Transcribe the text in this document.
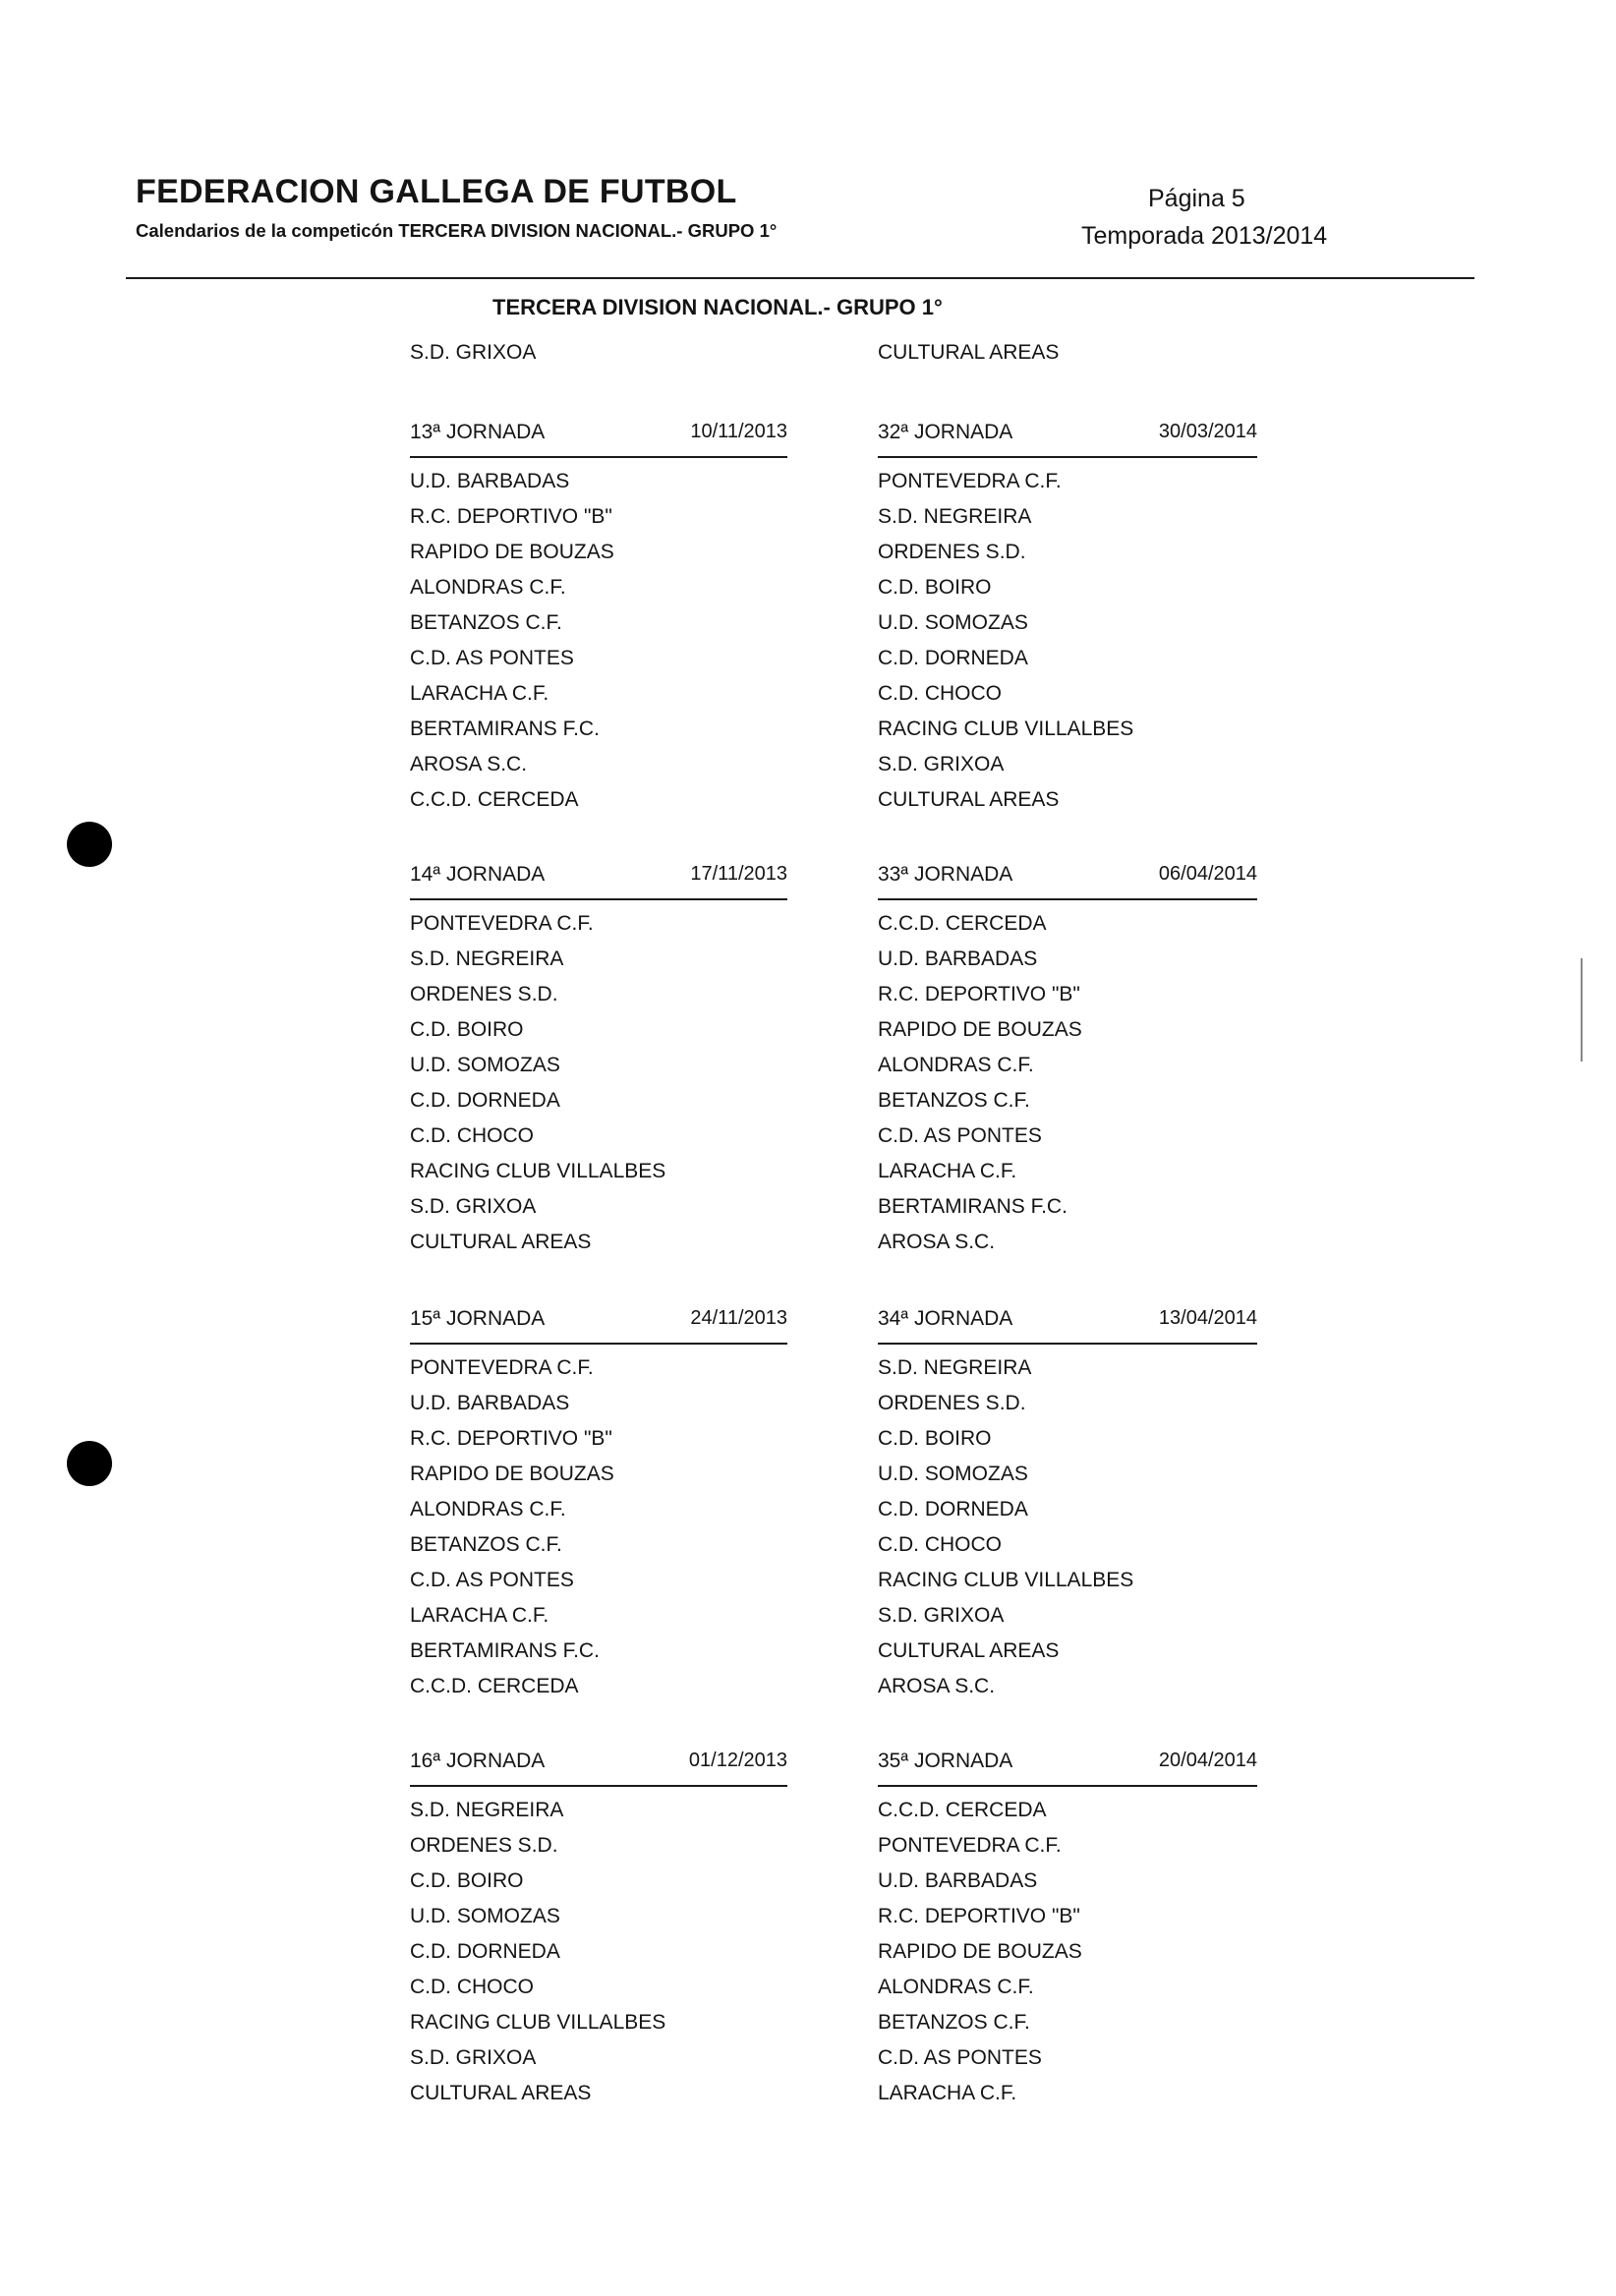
FEDERACION GALLEGA DE FUTBOL
Calendarios de la competicón TERCERA DIVISION NACIONAL.- GRUPO 1°
Página 5
Temporada 2013/2014
TERCERA DIVISION NACIONAL.- GRUPO 1°
S.D. GRIXOA	CULTURAL AREAS
13ª JORNADA	10/11/2013
U.D. BARBADAS
R.C. DEPORTIVO "B"
RAPIDO DE BOUZAS
ALONDRAS C.F.
BETANZOS C.F.
C.D. AS PONTES
LARACHA C.F.
BERTAMIRANS F.C.
AROSA S.C.
C.C.D. CERCEDA
14ª JORNADA	17/11/2013
PONTEVEDRA C.F.
S.D. NEGREIRA
ORDENES S.D.
C.D. BOIRO
U.D. SOMOZAS
C.D. DORNEDA
C.D. CHOCO
RACING CLUB VILLALBES
S.D. GRIXOA
CULTURAL AREAS
15ª JORNADA	24/11/2013
PONTEVEDRA C.F.
U.D. BARBADAS
R.C. DEPORTIVO "B"
RAPIDO DE BOUZAS
ALONDRAS C.F.
BETANZOS C.F.
C.D. AS PONTES
LARACHA C.F.
BERTAMIRANS F.C.
C.C.D. CERCEDA
16ª JORNADA	01/12/2013
S.D. NEGREIRA
ORDENES S.D.
C.D. BOIRO
U.D. SOMOZAS
C.D. DORNEDA
C.D. CHOCO
RACING CLUB VILLALBES
S.D. GRIXOA
CULTURAL AREAS
32ª JORNADA	30/03/2014
PONTEVEDRA C.F.
S.D. NEGREIRA
ORDENES S.D.
C.D. BOIRO
U.D. SOMOZAS
C.D. DORNEDA
C.D. CHOCO
RACING CLUB VILLALBES
S.D. GRIXOA
CULTURAL AREAS
33ª JORNADA	06/04/2014
C.C.D. CERCEDA
U.D. BARBADAS
R.C. DEPORTIVO "B"
RAPIDO DE BOUZAS
ALONDRAS C.F.
BETANZOS C.F.
C.D. AS PONTES
LARACHA C.F.
BERTAMIRANS F.C.
AROSA S.C.
34ª JORNADA	13/04/2014
S.D. NEGREIRA
ORDENES S.D.
C.D. BOIRO
U.D. SOMOZAS
C.D. DORNEDA
C.D. CHOCO
RACING CLUB VILLALBES
S.D. GRIXOA
CULTURAL AREAS
AROSA S.C.
35ª JORNADA	20/04/2014
C.C.D. CERCEDA
PONTEVEDRA C.F.
U.D. BARBADAS
R.C. DEPORTIVO "B"
RAPIDO DE BOUZAS
ALONDRAS C.F.
BETANZOS C.F.
C.D. AS PONTES
LARACHA C.F.
